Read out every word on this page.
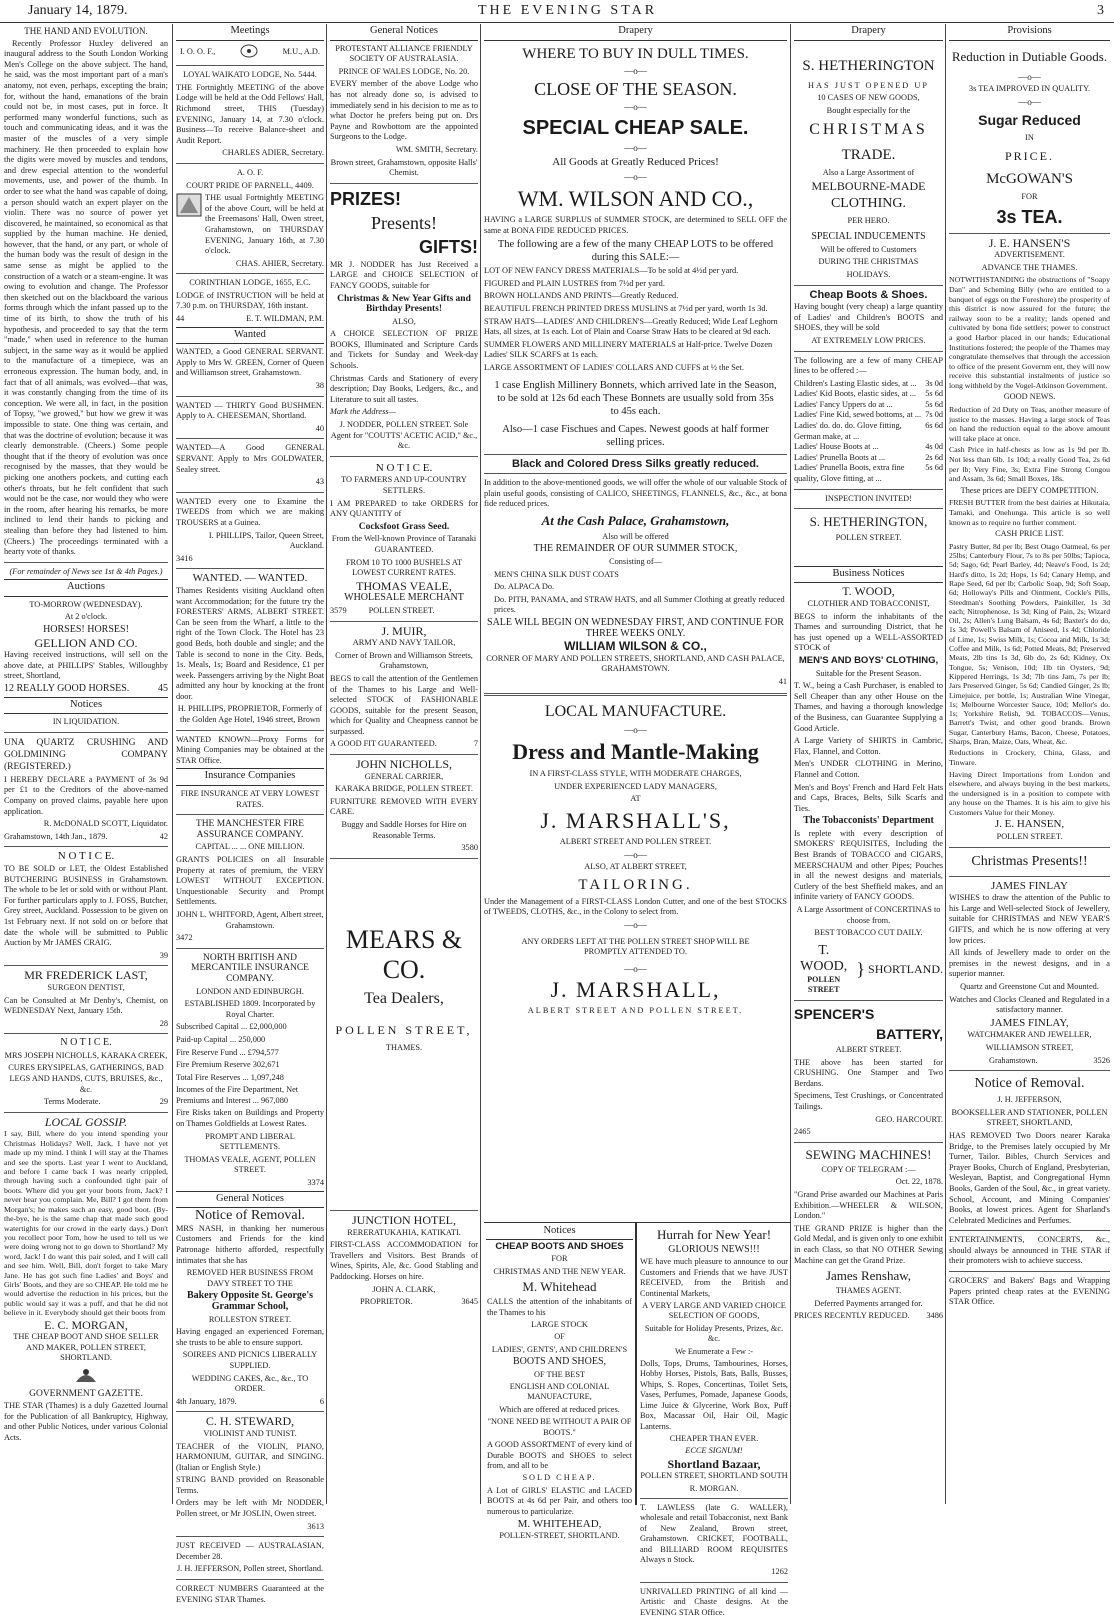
January 14, 1879.	THE EVENING STAR	3
THE HAND AND EVOLUTION.

Recently Professor Huxley delivered an inaugural address to the South London Working Men's College on the above subject. The hand, he said, was the most important part of a man's anatomy, not even, perhaps, excepting the brain; for, without the hand, emanations of the brain could not be, in most cases, put in force. It performed many wonderful functions, such as touch and communicating ideas, and it was the master of the muscles of a very simple machinery. He then proceeded to explain how the digits were moved by muscles and tendons, and drew especial attention to the wonderful movements, use, and power of the thumb. In order to see what the hand was capable of doing, a person should watch an expert player on the violin. There was no source of power yet discovered, he maintained, so economical as that supplied by the human machine. He denied, however, that the hand, or any part, or whole of the human body was the result of design in the same sense as might be applied to the construction of a watch or a steam-engine. It was owing to evolution and change. The Professor then sketched out on the blackboard the various forms through which the infant passed up to the time of its birth, to show the truth of his hypothesis, and proceeded to say that the term "made," when used in reference to the human subject, in the same way as it would be applied to the manufacture of a timepiece, was an erroneous expression. The human body, and, in fact that of all animals, was evolved—that was, it was constantly changing from the time of its conception. We were all, in fact, in the position of Topsy, "we growed," but how we grew it was impossible to state. One thing was certain, and that was the doctrine of evolution; because it was clearly demonstrable. (Cheers.) Some people thought that if the theory of evolution was once recognised by the masses, that they would be picking one anothers pockets, and cutting each other's throats, but he felt confident that such would not be the case, nor would they who were in the room, after hearing his remarks, be more inclined to lend their hands to picking and stealing than before they had listened to him. (Cheers.) The proceedings terminated with a hearty vote of thanks.

(For remainder of News see 1st & 4th Pages.)

Auctions

TO-MORROW (WEDNESDAY).

At 2 o'clock.

HORSES! HORSES!

GELLION AND CO.

Having received instructions, will sell on the above date, at PHILLIPS' Stables, Willoughby street, Shortland,

12 REALLY GOOD HORSES.	45

Notices

IN LIQUIDATION.

UNA QUARTZ CRUSHING AND GOLDMINING COMPANY (REGISTERED.)

I HEREBY DECLARE a PAYMENT of 3s 9d per £1 to the Creditors of the above-named Company on proved claims, payable here upon application.

R. McDONALD SCOTT, Liquidator.

Grahamstown, 14th Jan., 1879.	42

N O T I C E.

TO BE SOLD or LET, the Oldest Established BUTCHERING BUSINESS in Grahamstown. The whole to be let or sold with or without Plant. For further particulars apply to J. FOSS, Butcher, Grey street, Auckland. Possession to be given on 1st February next. If not sold on or before that date the whole will be submitted to Public Auction by Mr JAMES CRAIG.

39

MR FREDERICK LAST,

SURGEON DENTIST,

Can be Consulted at Mr Denby's, Chemist, on WEDNESDAY Next, January 15th.

28

N O T I C E.

MRS JOSEPH NICHOLLS, KARAKA CREEK,

CURES ERYSIPELAS, GATHERINGS, BAD LEGS AND HANDS, CUTS, BRUISES, &c., &c.

Terms Moderate.	29

LOCAL GOSSIP.

I say, Bill, where do you intend spending your Christmas Holidays? Well, Jack, I have not yet made up my mind. I think I will stay at the Thames and see the sports. Last year I went to Auckland, and before I came back I was nearly crippled, through having such a confounded tight pair of boots. Where did you get your boots from, Jack? I never hear you complain. Me, Bill? I got them from Morgan's; he makes such an easy, good boot. (By-the-bye, he is the same chap that made such good watertights for our crowd in the early days.) Don't you recollect poor Tom, how he used to tell us we were doing wrong not to go down to Shortland? My word, Jack! I do want this pair soled, and I will call and see him. Well, Bill, don't forget to take Mary Jane. He has got such fine Ladies' and Boys' and Girls' Boots, and they are so CHEAP. He told me he would advertise the reduction in his prices, but the public would say it was a puff, and that he did not believe in it. Everybody should get their boots from

E. C. MORGAN,

THE CHEAP BOOT AND SHOE SELLER AND MAKER, POLLEN STREET, SHORTLAND.

GOVERNMENT GAZETTE.

THE STAR (Thames) is a duly Gazetted Journal for the Publication of all Bankruptcy, Highway, and other Public Notices, under various Colonial Acts.

Meetings
I. O. O. F.,	M.U., A.D.

LOYAL WAIKATO LODGE, No. 5444.

THE Fortnightly MEETING of the above Lodge will be held at the Odd Fellows' Hall, Richmond street, THIS (Tuesday) EVENING, January 14, at 7.30 o'clock. Business—To receive Balance-sheet and Audit Report.

CHARLES ADIER, Secretary.

A. O. F.

COURT PRIDE OF PARNELL, 4409.

THE usual Fortnightly MEETING of the above Court, will be held at the Freemasons' Hall, Owen street, Grahamstown, on THURSDAY EVENING, January 16th, at 7.30 o'clock.

CHAS. AHIER, Secretary.

CORINTHIAN LODGE, 1655, E.C.

LODGE of INSTRUCTION will be held at 7.30 p.m. on THURSDAY, 16th instant.

44	E. T. WILDMAN, P.M.

Wanted

WANTED, a Good GENERAL SERVANT. Apply to Mrs W. GREEN, Corner of Queen and Williamson street, Grahamstown.

38

WANTED — THIRTY Good BUSHMEN. Apply to A. CHEESEMAN, Shortland.

40

WANTED—A Good GENERAL SERVANT. Apply to Mrs GOLDWATER, Sealey street.

43

WANTED every one to Examine the TWEEDS from which we are making TROUSERS at a Guinea.

I. PHILLIPS, Tailor, Queen Street, Auckland.

3416

WANTED. — WANTED.

Thames Residents visiting Auckland often want Accommodation; for the future try the FORESTERS' ARMS, ALBERT STREET. Can be seen from the Wharf, a little to the right of the Town Clock. The Hotel has 23 good Beds, both double and single; and the Table is second to none in the City. Beds, 1s. Meals, 1s; Board and Residence, £1 per week. Passengers arriving by the Night Boat admitted any hour by knocking at the front door.

H. PHILLIPS, PROPRIETOR, Formerly of the Golden Age Hotel, 1946 street, Brown

WANTED KNOWN—Proxy Forms for Mining Companies may be obtained at the STAR Office.

Insurance Companies

FIRE INSURANCE AT VERY LOWEST RATES.

THE MANCHESTER FIRE ASSURANCE COMPANY.

CAPITAL ... ... ONE MILLION.

GRANTS POLICIES on all Insurable Property at rates of premium, the VERY LOWEST WITHOUT EXCEPTION. Unquestionable Security and Prompt Settlements.

JOHN L. WHITFORD, Agent, Albert street, Grahamstown.

3472

NORTH BRITISH AND MERCANTILE INSURANCE COMPANY.

LONDON AND EDINBURGH.

ESTABLISHED 1809. Incorporated by Royal Charter.

Subscribed Capital ... £2,000,000

Paid-up Capital ... 250,000

Fire Reserve Fund ... £794,577

Fire Premium Reserve 302,671

Total Fire Reserves ... 1,097,248

Incomes of the Fire Department, Net Premiums and Interest ... 967,080

Fire Risks taken on Buildings and Property on Thames Goldfields at Lowest Rates.

PROMPT AND LIBERAL SETTLEMENTS.

THOMAS VEALE, AGENT, POLLEN STREET.

3374

General Notices

Notice of Removal.

MRS NASH, in thanking her numerous Customers and Friends for the kind Patronage hitherto afforded, respectfully intimates that she has

REMOVED HER BUSINESS FROM DAVY STREET TO THE

Bakery Opposite St. George's Grammar School,

ROLLESTON STREET.

Having engaged an experienced Foreman, she trusts to be able to ensure support.

SOIREES AND PICNICS LIBERALLY SUPPLIED.

WEDDING CAKES, &c., &c., TO ORDER.

4th January, 1879.	6

C. H. STEWARD,

VIOLINIST AND TUNIST.

TEACHER of the VIOLIN, PIANO, HARMONIUM, GUITAR, and SINGING. (Italian or English Style.)

STRING BAND provided on Reasonable Terms.

Orders may be left with Mr NODDER, Pollen street, or Mr JOSLIN, Owen street.

3613

JUST RECEIVED — AUSTRALASIAN, December 28.

J. H. JEFFERSON, Pollen street, Shortland.

CORRECT NUMBERS Guaranteed at the EVENING STAR Thames.

General Notices

PROTESTANT ALLIANCE FRIENDLY SOCIETY OF AUSTRALASIA.

PRINCE OF WALES LODGE, No. 20.

EVERY member of the above Lodge who has not already done so, is advised to immediately send in his decision to me as to what Doctor he prefers being put on. Drs Payne and Rowbottom are the appointed Surgeons to the Lodge.

WM. SMITH, Secretary.

Brown street, Grahamstown, opposite Halls' Chemist.

PRIZES!

Presents!

GIFTS!

MR J. NODDER has Just Received a LARGE and CHOICE SELECTION of FANCY GOODS, suitable for

Christmas & New Year Gifts and Birthday Presents!

ALSO,

A CHOICE SELECTION OF PRIZE BOOKS, Illuminated and Scripture Cards and Tickets for Sunday and Week-day Schools.

Christmas Cards and Stationery of every description; Day Books, Ledgers, &c., and Literature to suit all tastes.

Mark the Address—

J. NODDER, POLLEN STREET. Sole Agent for "COUTTS' ACETIC ACID," &c., &c.

N O T I C E.

TO FARMERS AND UP-COUNTRY SETTLERS.

I AM PREPARED to take ORDERS for ANY QUANTITY of

Cocksfoot Grass Seed.

From the Well-known Province of Taranaki GUARANTEED.

FROM 10 TO 1000 BUSHELS AT LOWEST CURRENT RATES.

THOMAS VEALE,

WHOLESALE MERCHANT

3579	POLLEN STREET.

J. MUIR,

ARMY AND NAVY TAILOR,

Corner of Brown and Williamson Streets, Grahamstown,

BEGS to call the attention of the Gentlemen of the Thames to his Large and Well-selected STOCK of FASHIONABLE GOODS, suitable for the present Season, which for Quality and Cheapness cannot be surpassed.

A GOOD FIT GUARANTEED.	7

JOHN NICHOLLS,

GENERAL CARRIER,

KARAKA BRIDGE, POLLEN STREET.

FURNITURE REMOVED WITH EVERY CARE.

Buggy and Saddle Horses for Hire on Reasonable Terms.

3580

MEARS & CO.

Tea Dealers,

POLLEN STREET,

THAMES.

JUNCTION HOTEL,

RERERATUKAHIA, KATIKATI.

FIRST-CLASS ACCOMMODATION for Travellers and Visitors. Best Brands of Wines, Spirits, Ale, &c. Good Stabling and Paddocking. Horses on hire.

JOHN A. CLARK,

PROPRIETOR.	3645

Drapery

WHERE TO BUY IN DULL TIMES.

—o—

CLOSE OF THE SEASON.

—o—

SPECIAL CHEAP SALE.

—o—

All Goods at Greatly Reduced Prices!

—o—

WM. WILSON AND CO.,

HAVING a LARGE SURPLUS of SUMMER STOCK, are determined to SELL OFF the same at BONA FIDE REDUCED PRICES.

The following are a few of the many CHEAP LOTS to be offered during this SALE:—

LOT OF NEW FANCY DRESS MATERIALS—To be sold at 4½d per yard.

FIGURED and PLAIN LUSTRES from 7½d per yard.

BROWN HOLLANDS AND PRINTS—Greatly Reduced.

BEAUTIFUL FRENCH PRINTED DRESS MUSLINS at 7½d per yard, worth 1s 3d.

STRAW HATS—LADIES' AND CHILDREN'S—Greatly Reduced; Wide Leaf Leghorn Hats, all sizes, at 1s each. Lot of Plain and Coarse Straw Hats to be cleared at 9d each.

SUMMER FLOWERS AND MILLINERY MATERIALS at Half-price. Twelve Dozen Ladies' SILK SCARFS at 1s each.

LARGE ASSORTMENT OF LADIES' COLLARS AND CUFFS at ½ the Set.

1 case English Millinery Bonnets, which arrived late in the Season, to be sold at 12s 6d each These Bonnets are usually sold from 35s to 45s each.

Also—1 case Fischues and Capes. Newest goods at half former selling prices.

Black and Colored Dress Silks greatly reduced.

In addition to the above-mentioned goods, we will offer the whole of our valuable Stock of plain useful goods, consisting of CALICO, SHEETINGS, FLANNELS, &c., &c., at bona fide reduced prices.

At the Cash Palace, Grahamstown,

Also will be offered

THE REMAINDER OF OUR SUMMER STOCK,

Consisting of—

MEN'S CHINA SILK DUST COATS

Do. ALPACA Do.

Do. PITH, PANAMA, and STRAW HATS, and all Summer Clothing at greatly reduced prices.

SALE WILL BEGIN ON WEDNESDAY FIRST, AND CONTINUE FOR THREE WEEKS ONLY.

WILLIAM WILSON & CO.,

CORNER OF MARY AND POLLEN STREETS, SHORTLAND, AND CASH PALACE, GRAHAMSTOWN.

41

LOCAL MANUFACTURE.

—o—

Dress and Mantle-Making

IN A FIRST-CLASS STYLE, WITH MODERATE CHARGES,

UNDER EXPERIENCED LADY MANAGERS,

AT

J. MARSHALL'S,

ALBERT STREET AND POLLEN STREET.

—o—

ALSO, AT ALBERT STREET,

TAILORING.

Under the Management of a FIRST-CLASS London Cutter, and one of the best STOCKS of TWEEDS, CLOTHS, &c., in the Colony to select from.

—o—

ANY ORDERS LEFT AT THE POLLEN STREET SHOP WILL BE PROMPTLY ATTENDED TO.

—o—

J. MARSHALL,

ALBERT STREET AND POLLEN STREET.

Notices

CHEAP BOOTS AND SHOES

FOR

CHRISTMAS AND THE NEW YEAR.

M. Whitehead

CALLS the attention of the inhabitants of the Thames to his

LARGE STOCK

OF

LADIES', GENTS', AND CHILDREN'S

BOOTS AND SHOES,

OF THE BEST

ENGLISH AND COLONIAL MANUFACTURE,

Which are offered at reduced prices.

"NONE NEED BE WITHOUT A PAIR OF BOOTS."

A GOOD ASSORTMENT of every kind of Durable BOOTS and SHOES to select from, and all to be

SOLD CHEAP.

A Lot of GIRLS' ELASTIC and LACED BOOTS at 4s 6d per Pair, and others too numerous to particularize.

M. WHITEHEAD,

POLLEN-STREET, SHORTLAND.

Hurrah for New Year!

GLORIOUS NEWS!!!

WE have much pleasure to announce to our Customers and Friends that we have JUST RECEIVED, from the British and Continental Markets,

A VERY LARGE AND VARIED CHOICE SELECTION OF GOODS,

Suitable for Holiday Presents, Prizes, &c. &c.

We Enumerate a Few :-

Dolls, Tops, Drums, Tambourines, Horses, Hobby Horses, Pistols, Bats, Balls, Busses, Whips, S. Ropes, Concertinas, Toilet Sets, Vases, Perfumes, Pomade, Japanese Goods, Lime Juice & Glycerine, Work Box, Puff Box, Macassar Oil, Hair Oil, Magic Lanterns.

CHEAPER THAN EVER.

ECCE SIGNUM!

Shortland Bazaar,

POLLEN STREET, SHORTLAND SOUTH

R. MORGAN.

T. LAWLESS (late G. WALLER), wholesale and retail Tobacconist, next Bank of New Zealand, Brown street, Grahamstown. CRICKET, FOOTBALL, and BILLIARD ROOM REQUISITES Always n Stock.

1262

UNRIVALLED PRINTING of all kind —Artistic and Chaste designs. At the EVENING STAR Office.

Drapery

S. HETHERINGTON

HAS JUST OPENED UP

10 CASES OF NEW GOODS,

Bought especially for the

CHRISTMAS

TRADE.

Also a Large Assortment of

MELBOURNE-MADE

CLOTHING.

PER HERO.

SPECIAL INDUCEMENTS

Will be offered to Customers

DURING THE CHRISTMAS

HOLIDAYS.

Cheap Boots & Shoes.

Having bought (very cheap) a large quantity of Ladies' and Children's BOOTS and SHOES, they will be sold

AT EXTREMELY LOW PRICES.

The following are a few of many CHEAP lines to be offered :—

Children's Lasting Elastic sides, at ... 3s 0d
Ladies' Kid Boots, elastic sides, at ... 5s 6d
Ladies' Fancy Uppers do at ...	5s 6d
Ladies' Fine Kid, sewed bottoms, at ... 7s 0d
Ladies' do. do. do. Glove fitting, German make, at ...
6s 6d
Ladies' House Boots at ...	4s 0d
Ladies' Prunella Boots at ...	2s 6d
Ladies' Prunella Boots, extra fine quality, Glove fitting, at ...
5s 6d

INSPECTION INVITED!

S. HETHERINGTON,

POLLEN STREET.

Business Notices

T. WOOD,

CLOTHIER AND TOBACCONIST,

BEGS to inform the inhabitants of the Thames and surrounding District, that he has just opened up a WELL-ASSORTED STOCK of

MEN'S AND BOYS' CLOTHING,

Suitable for the Present Season.

T. W., being a Cash Purchaser, is enabled to Sell Cheaper than any other House on the Thames, and having a thorough knowledge of the Business, can Guarantee Supplying a Good Article.

A Large Variety of SHIRTS in Cambric, Flax, Flannel, and Cotton.

Men's UNDER CLOTHING in Merino, Flannel and Cotton.

Men's and Boys' French and Hard Felt Hats and Caps, Braces, Belts, Silk Scarfs and Ties.

The Tobacconists' Department

Is replete with every description of SMOKERS' REQUISITES, Including the Best Brands of TOBACCO and CIGARS, MEERSCHAUM and other Pipes; Pouches in all the newest designs and materials, Cutlery of the best Sheffield makes, and an infinite variety of FANCY GOODS.

A Large Assortment of CONCERTINAS to choose from.

BEST TOBACCO CUT DAILY.

T. WOOD,
POLLEN STREET
} SHORTLAND.

SPENCER'S

BATTERY,

ALBERT STREET.

THE above has been started for CRUSHING. One Stamper and Two Berdans.

Specimens, Test Crushings, or Concentrated Tailings.

GEO. HARCOURT.

2465

SEWING MACHINES!

COPY OF TELEGRAM :—

Oct. 22, 1878.

"Grand Prise awarded our Machines at Paris Exhibition.—WHEELER & WILSON, London."

THE GRAND PRIZE is higher than the Gold Medal, and is given only to one exhibit in each Class, so that NO OTHER Sewing Machine can get the Grand Prize.

James Renshaw,

THAMES AGENT.

Deferred Payments arranged for.

PRICES RECENTLY REDUCED. 3486

Provisions

Reduction in Dutiable Goods.

—o—

3s TEA IMPROVED IN QUALITY.

—o—

Sugar Reduced

IN

PRICE.

McGOWAN'S

FOR

3s TEA.

J. E. HANSEN'S

ADVERTISEMENT.

ADVANCE THE THAMES.

NOTWITHSTANDING the obstructions of "Soapy Dan" and Scheming Billy (who are entitled to a banquet of eggs on the Foreshore) the prosperity of this district is now assured for the future; the railway soon to be a reality; lands opened and cultivated by bona fide settlers; power to construct a good Harbor placed in our hands; Educational Institutions fostered; the people of the Thames may congratulate themselves that through the accession to office of the present Governm ent, they will now receive this substantial instalments of justice so long withheld by the Vogel-Atkinson Government.

GOOD NEWS.

Reduction of 2d Duty on Teas, another measure of justice to the masses. Having a large stock of Teas on hand the reduction equal to the above amount will take place at once.

Cash Price in half-chests as low as 1s 9d per lb. Not less than 6lb. 1s 10d; a really Good Tea, 2s 6d per lb; Very Fine, 3s; Extra Fine Strong Congou and Assam, 3s 6d; Small Boxes, 18s.

These prices are DEFY COMPETITION.

FRESH BUTTER from the best dairies at Hikutaia, Tamaki, and Onehunga. This article is so well known as to require no further comment.

CASH PRICE LIST.

Pastry Butter, 8d per lb; Best Otago Oatmeal, 6s per 25lbs; Canterbury Flour, 7s to 8s per 50lbs; Tapioca, 5d; Sago, 6d; Pearl Barley, 4d; Neave's Food, 1s 2d; Hard's ditto, 1s 2d; Hops, 1s 6d; Canary Hemp, and Rape Seed, 6d per lb; Carbolic Soap, 9d; Soft Soap, 6d; Holloway's Pills and Ointment, Cockle's Pills, Steedman's Soothing Powders, Painkiller, 1s 3d each; Nitrophenose, 1s 3d; King of Pain, 2s; Wizard Oil, 2s; Allen's Lung Balsam, 4s 6d; Baxter's do do, 1s 3d; Powell's Balsam of Aniseed, 1s 4d; Chloride of Lime, 1s; Swiss Milk, 1s; Cocoa and Milk, 1s 3d; Coffee and Milk, 1s 6d; Potted Meats, 8d; Preserved Meats, 2lb tins 1s 3d, 6lb do, 2s 6d; Kidney, Ox Tongue, 5s; Venison, 10d; 1lb tin Oysters, 9d; Kippered Herrings, 1s 3d; 7lb tins Jam, 7s per lb; Jars Preserved Ginger, 5s 6d; Candied Ginger, 2s lb; Limejuice, per bottle, 1s; Australian Wine Vinegar, 1s; Melbourne Worcester Sauce, 10d; Mellor's do. 1s; Yorkshire Relish, 9d. TOBACCOS—Venus, Barrett's Twist, and other good brands. Brown Sugar, Canterbury Hams, Bacon, Cheese, Potatoes, Sharps, Bran, Maize, Oats, Wheat, &c.

Reductions in Crockery, China, Glass, and Tinware.

Having Direct Importations from London and elsewhere, and always buying in the best markets, the undersigned is in a position to compete with any house on the Thames. It is his aim to give his Customers Value for their Money.

J. E. HANSEN,

POLLEN STREET.

Christmas Presents!!

JAMES FINLAY

WISHES to draw the attention of the Public to his Large and Well-selected Stock of Jewellery, suitable for CHRISTMAS and NEW YEAR'S GIFTS, and which he is now offering at very low prices.

All kinds of Jewellery made to order on the premises in the newest designs, and in a superior manner.

Quartz and Greenstone Cut and Mounted.

Watches and Clocks Cleaned and Regulated in a satisfactory manner.

JAMES FINLAY,

WATCHMAKER AND JEWELLER,

WILLIAMSON STREET,

Grahamstown.	3526

Notice of Removal.

J. H. JEFFERSON,

BOOKSELLER AND STATIONER, POLLEN STREET, SHORTLAND,

HAS REMOVED Two Doors nearer Karaka Bridge, to the Premises lately occupied by Mr Turner, Tailor. Bibles, Church Services and Prayer Books, Church of England, Presbyterian, Wesleyan, Baptist, and Congregational Hymn Books, Garden of the Soul, &c., in great variety. School, Account, and Mining Companies' Books, at lowest prices. Agent for Sharland's Celebrated Medicines and Perfumes.

ENTERTAINMENTS, CONCERTS, &c., should always be announced in THE STAR if their promoters wish to achieve success.

GROCERS' and Bakers' Bags and Wrapping Papers printed cheap rates at the EVENING STAR Office.
